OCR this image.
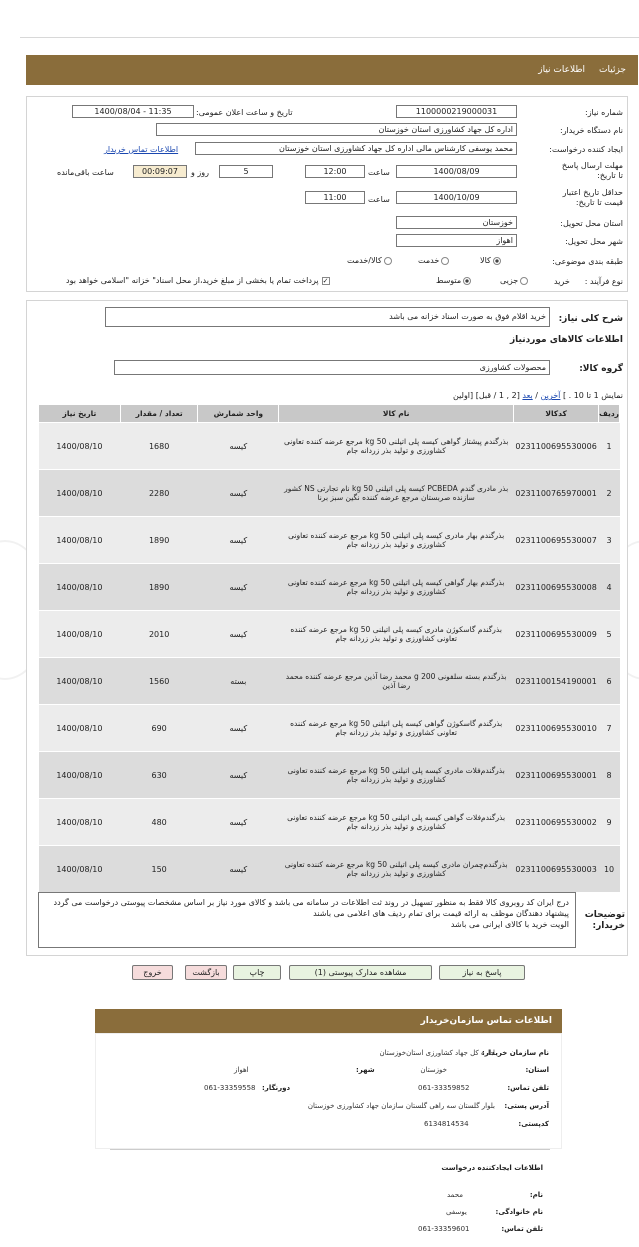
جزئیات
اطلاعات نیاز
شماره نیاز:
1100000219000031
تاریخ و ساعت اعلان عمومی:
1400/08/04 - 11:35
نام دستگاه خریدار:
اداره کل جهاد کشاورزی استان خوزستان
ایجاد کننده درخواست:
محمد یوسفی کارشناس مالی اداره کل جهاد کشاورزی استان خوزستان
اطلاعات تماس خریدار
مهلت ارسال پاسخ تا تاریخ:
1400/08/09
ساعت
12:00
5
روز و
00:09:07
ساعت باقی‌مانده
حداقل تاریخ اعتبار قیمت تا تاریخ:
1400/10/09
ساعت
11:00
استان محل تحویل:
خوزستان
شهر محل تحویل:
اهواز
طبقه بندی موضوعی:
کالا
خدمت
کالا/خدمت
نوع فرآیند :
خرید
جزیی
متوسط
✓پرداخت تمام یا بخشی از مبلغ خرید،از محل اسناد" خزانه "اسلامی خواهد بود
شرح کلی نیاز:
خرید اقلام فوق به صورت اسناد خزانه می باشد
اطلاعات کالاهای موردنیاز
گروه کالا:
محصولات کشاورزی
نمایش 1 تا 10 . ] آخرین / بعد [2 , 1 / قبل] [اولین
ردیف	کدکالا	نام کالا	واحد شمارش	تعداد / مقدار	تاریخ نیاز
1	0231100695530006	بذرگندم پیشتاز گواهی کیسه پلی اتیلنی 50 kg مرجع عرضه کننده تعاونی کشاورزی و تولید بذر زردانه جام	کیسه	1680	1400/08/10
2	0231100765970001	بذر مادری گندم PCBEDA کیسه پلی اتیلنی 50 kg نام تجارتی NS کشور سازنده صربستان مرجع عرضه کننده نگین سبز برنا	کیسه	2280	1400/08/10
3	0231100695530007	بذرگندم بهار مادری کیسه پلی اتیلنی 50 kg مرجع عرضه کننده تعاونی کشاورزی و تولید بذر زردانه جام	کیسه	1890	1400/08/10
4	0231100695530008	بذرگندم بهار گواهی کیسه پلی اتیلنی 50 kg مرجع عرضه کننده تعاونی کشاورزی و تولید بذر زردانه جام	کیسه	1890	1400/08/10
5	0231100695530009	بذرگندم گاسکوژن مادری کیسه پلی اتیلنی 50 kg مرجع عرضه کننده تعاونی کشاورزی و تولید بذر زردانه جام	کیسه	2010	1400/08/10
6	0231100154190001	بذرگندم بسته سلفونی 200 g محمد رضا آذین مرجع عرضه کننده محمد رضا آذین	بسته	1560	1400/08/10
7	0231100695530010	بذرگندم گاسکوژن گواهی کیسه پلی اتیلنی 50 kg مرجع عرضه کننده تعاونی کشاورزی و تولید بذر زردانه جام	کیسه	690	1400/08/10
8	0231100695530001	بذرگندم‌فلات مادری کیسه پلی اتیلنی 50 kg مرجع عرضه کننده تعاونی کشاورزی و تولید بذر زردانه جام	کیسه	630	1400/08/10
9	0231100695530002	بذرگندم‌فلات گواهی کیسه پلی اتیلنی 50 kg مرجع عرضه کننده تعاونی کشاورزی و تولید بذر زردانه جام	کیسه	480	1400/08/10
10	0231100695530003	بذرگندم‌چمران مادری کیسه پلی اتیلنی 50 kg مرجع عرضه کننده تعاونی کشاورزی و تولید بذر زردانه جام	کیسه	150	1400/08/10
توضیحات خریدار:
درج ایران کد روبروی کالا فقط به منظور تسهیل در روند ثت اطلاعات در سامانه می باشد و کالای مورد نیاز بر اساس مشخصات پیوستی درخواست می گردد
پیشنهاد دهندگان موظف به ارائه قیمت برای تمام ردیف های اعلامی می باشند
الویت خرید با کالای ایرانی می باشد
پاسخ به نیاز
مشاهده مدارک پیوستی (1)
چاپ
بازگشت
خروج
اطلاعات تماس سازمان‌خریدار
نام سازمان خریدار:
اداره کل جهاد کشاورزی استان‌خوزستان
استان:
خوزستان
شهر:
اهواز
تلفن تماس:
061-33359852
دورنگار:
061-33359558
آدرس پستی:
بلوار گلستان سه راهی گلستان سازمان جهاد کشاورزی خوزستان
کدپستی:
6134814534
اطلاعات ایجادکننده درخواست
نام:
محمد
نام خانوادگی:
یوسفی
تلفن تماس:
061-33359601
